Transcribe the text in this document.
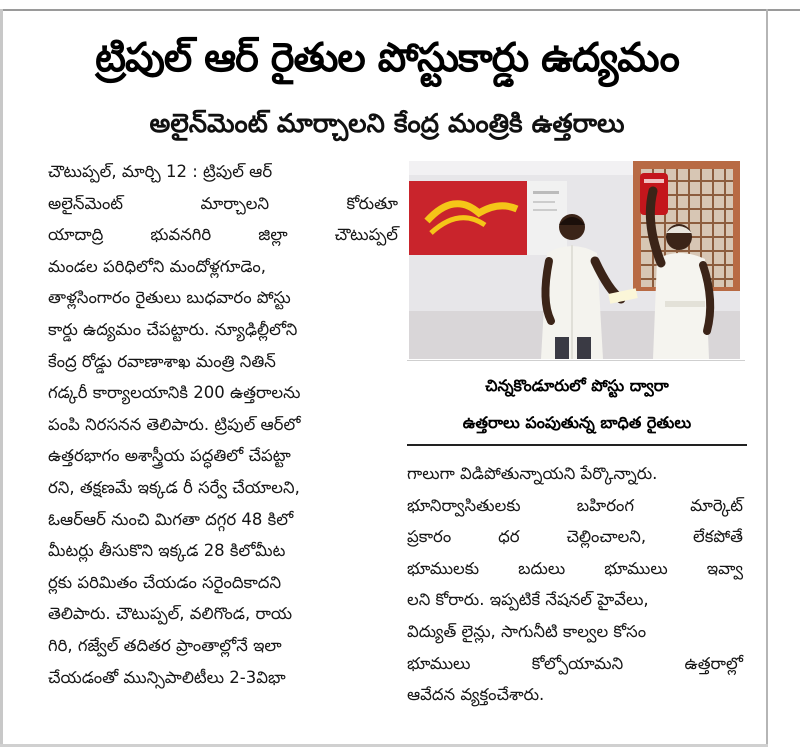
ట్రిపుల్ ఆర్ రైతుల పోస్టుకార్డు ఉద్యమం
అలైన్‌మెంట్ మార్చాలని కేంద్ర మంత్రికి ఉత్తరాలు
చౌటుప్పల్, మార్చి 12 : ట్రిపుల్ ఆర్
అలైన్‌మెంట్ మార్చాలని కోరుతూ
యాదాద్రి భువనగిరి జిల్లా చౌటుప్పల్
మండల పరిధిలోని మందోళ్లగూడెం,
తాళ్లసింగారం రైతులు బుధవారం పోస్టు
కార్డు ఉద్యమం చేపట్టారు. న్యూఢిల్లీలోని
కేంద్ర రోడ్డు రవాణాశాఖ మంత్రి నితిన్
గడ్కరీ కార్యాలయానికి 200 ఉత్తరాలను
పంపి నిరసనన తెలిపారు. ట్రిపుల్ ఆర్‌లో
ఉత్తరభాగం అశాస్త్రీయ పద్ధతిలో చేపట్టా
రని, తక్షణమే ఇక్కడ రీ సర్వే చేయాలని,
ఓఆర్ఆర్ నుంచి మిగతా దగ్గర 48 కిలో
మీటర్లు తీసుకొని ఇక్కడ 28 కిలోమీట
ర్లకు పరిమితం చేయడం సరైందికాదని
తెలిపారు. చౌటుప్పల్, వలిగొండ, రాయ
గిరి, గజ్వేల్ తదితర ప్రాంతాల్లోనే ఇలా
చేయడంతో మున్సిపాలిటీలు 2-3విభా
చిన్నకొండూరులో పోస్టు ద్వారా
ఉత్తరాలు పంపుతున్న బాధిత రైతులు
గాలుగా విడిపోతున్నాయని పేర్కొన్నారు.
భూనిర్వాసితులకు బహిరంగ మార్కెట్
ప్రకారం ధర చెల్లించాలని, లేకపోతే
భూములకు బదులు భూములు ఇవ్వా
లని కోరారు. ఇప్పటికే నేషనల్ హైవేలు,
విద్యుత్ లైన్లు, సాగునీటి కాల్వల కోసం
భూములు కోల్పోయామని ఉత్తరాల్లో
ఆవేదన వ్యక్తంచేశారు.
